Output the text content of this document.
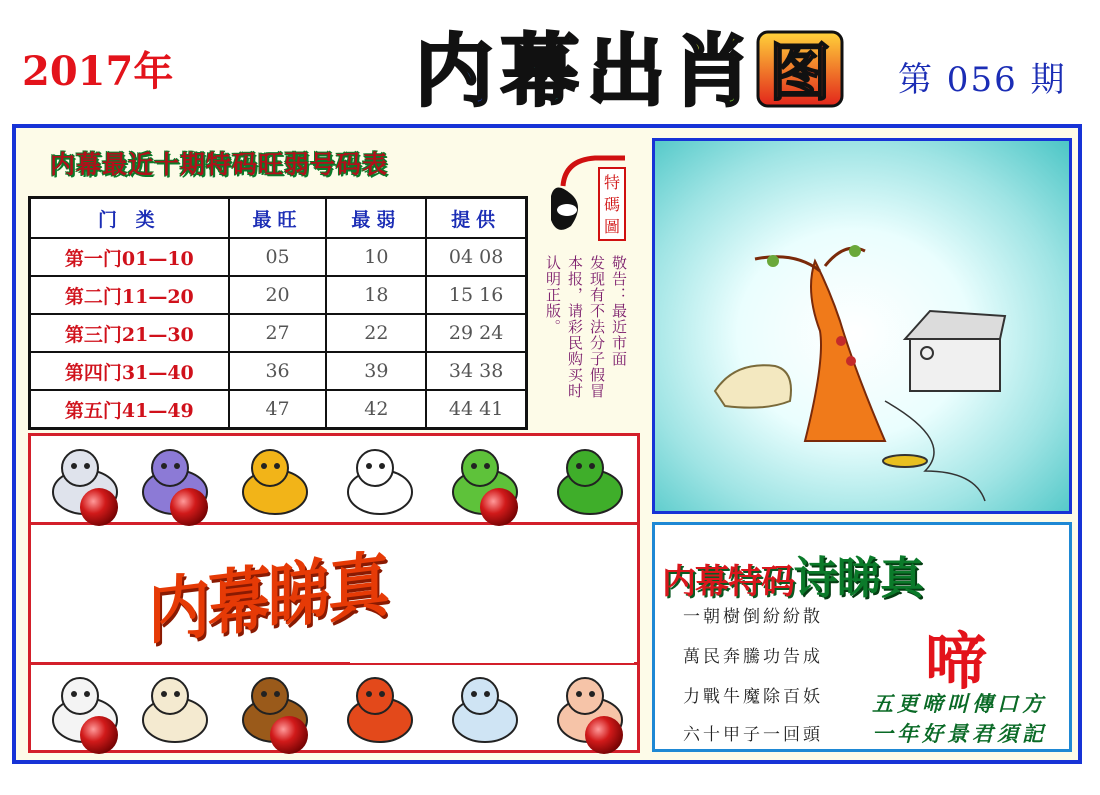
2017年	内 幕 出 肖 图 第 056 期
内幕最近十期特码旺弱号码表
门 类	最旺	最弱	提供
第一门01—10	05	10	04 08
第二门11—20	20	18	15 16
第三门21—30	27	22	29 24
第四门31—40	36	39	34 38
第五门41—49	47	42	44 41
特
碼
圖
敬告：最近市面
发现有不法分子假冒
本报，请彩民购买时
认明正版。
内幕睇真	内幕特码诗睇真
一朝樹倒紛紛散
萬民奔騰功告成
力戰牛魔除百妖
六十甲子一回頭
啼
五更啼叫傳口方
一年好景君須記
